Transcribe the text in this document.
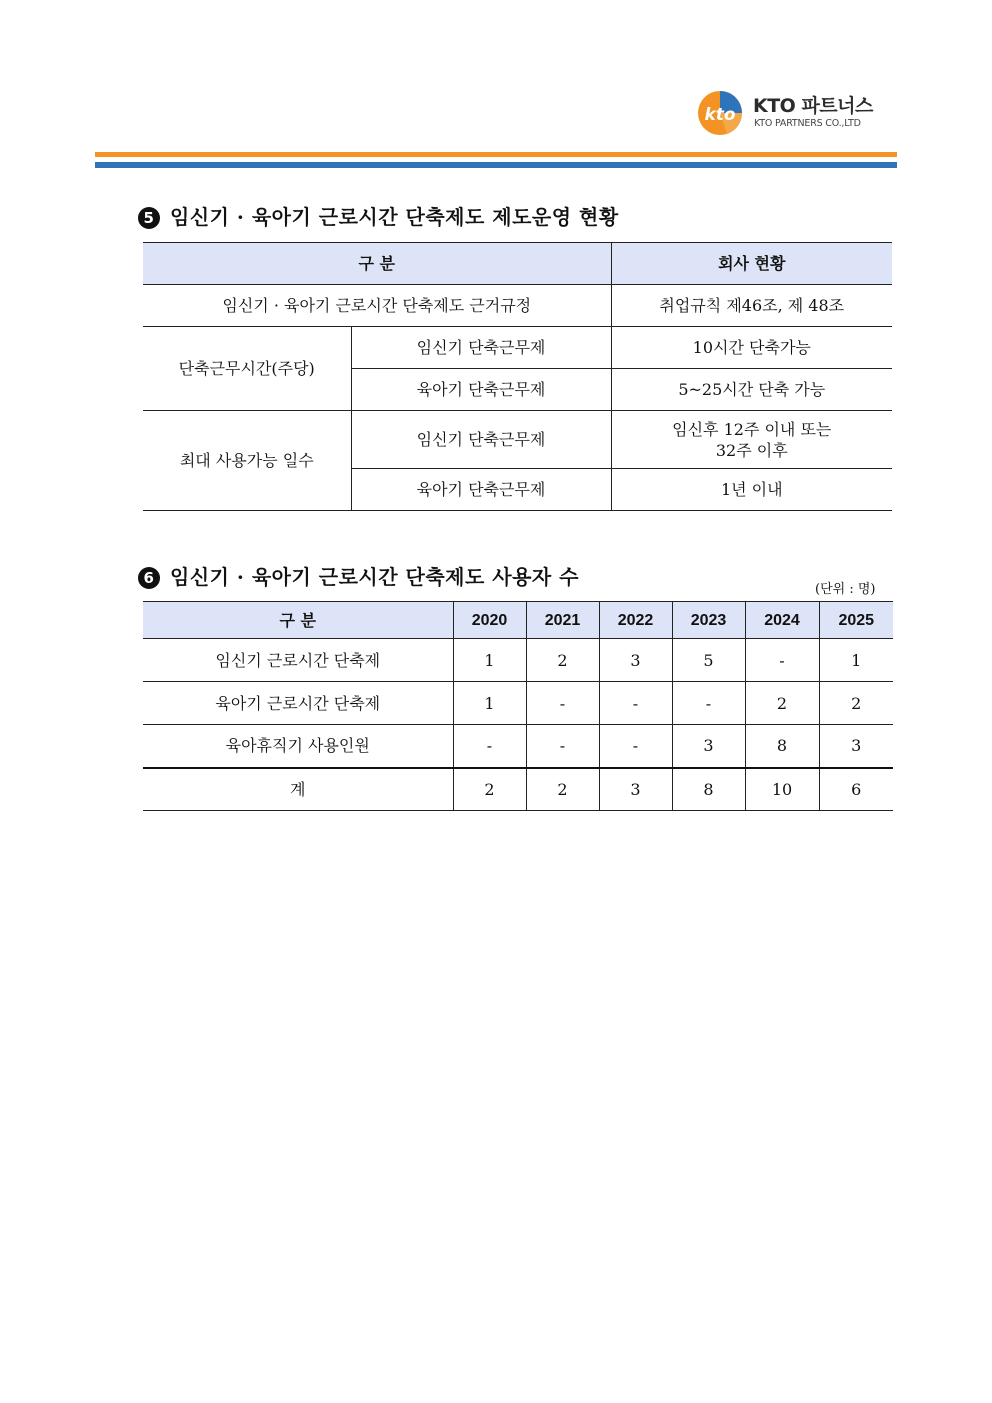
kto KTO 파트너스
KTO PARTNERS CO.,LTD
5 임신기 · 육아기 근로시간 단축제도 제도운영 현황
구 분		회사 현황
임신기 · 육아기 근로시간 단축제도 근거규정		취업규칙 제46조, 제 48조
단축근무시간(주당)	임신기 단축근무제	10시간 단축가능
	육아기 단축근무제	5~25시간 단축 가능
최대 사용가능 일수	임신기 단축근무제	임신후 12주 이내 또는
32주 이후

	육아기 단축근무제	1년 이내
6 임신기 · 육아기 근로시간 단축제도 사용자 수
(단위 : 명)
구 분	2020	2021	2022	2023	2024	2025
임신기 근로시간 단축제	1	2	3	5	-	1
육아기 근로시간 단축제	1	-	-	-	2	2
육아휴직기 사용인원	-	-	-	3	8	3
계	2	2	3	8	10	6
